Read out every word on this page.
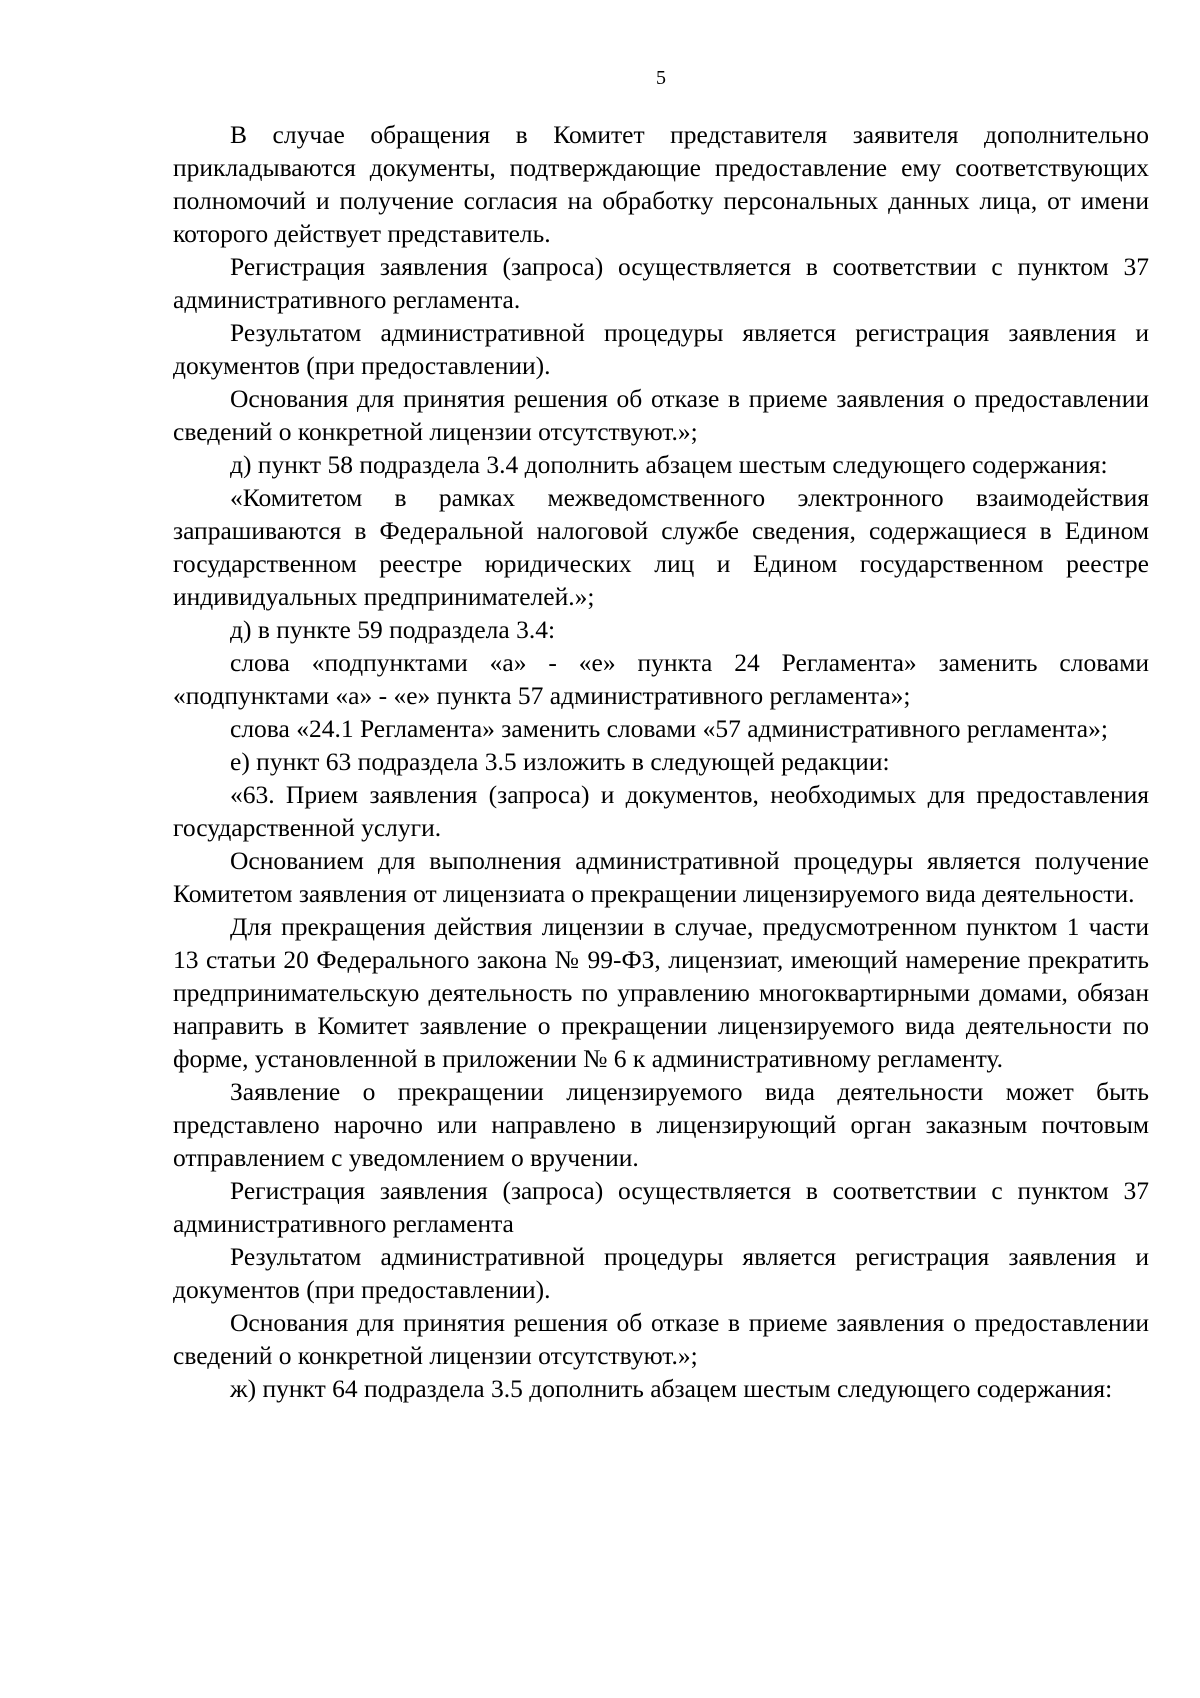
5

В случае обращения в Комитет представителя заявителя дополнительно прикладываются документы, подтверждающие предоставление ему соответствующих полномочий и получение согласия на обработку персональных данных лица, от имени которого действует представитель.

Регистрация заявления (запроса) осуществляется в соответствии с пунктом 37 административного регламента.

Результатом административной процедуры является регистрация заявления и документов (при предоставлении).

Основания для принятия решения об отказе в приеме заявления о предоставлении сведений о конкретной лицензии отсутствуют.»;

д) пункт 58 подраздела 3.4 дополнить абзацем шестым следующего содержания:

«Комитетом в рамках межведомственного электронного взаимодействия запрашиваются в Федеральной налоговой службе сведения, содержащиеся в Едином государственном реестре юридических лиц и Едином государственном реестре индивидуальных предпринимателей.»;

д) в пункте 59 подраздела 3.4:

слова «подпунктами «а» - «е» пункта 24 Регламента» заменить словами «подпунктами «а» - «е» пункта 57 административного регламента»;

слова «24.1 Регламента» заменить словами «57 административного регламента»;

е) пункт 63 подраздела 3.5 изложить в следующей редакции:

«63. Прием заявления (запроса) и документов, необходимых для предоставления государственной услуги.

Основанием для выполнения административной процедуры является получение Комитетом заявления от лицензиата о прекращении лицензируемого вида деятельности.

Для прекращения действия лицензии в случае, предусмотренном пунктом 1 части 13 статьи 20 Федерального закона № 99-ФЗ, лицензиат, имеющий намерение прекратить предпринимательскую деятельность по управлению многоквартирными домами, обязан направить в Комитет заявление о прекращении лицензируемого вида деятельности по форме, установленной в приложении № 6 к административному регламенту.

Заявление о прекращении лицензируемого вида деятельности может быть представлено нарочно или направлено в лицензирующий орган заказным почтовым отправлением с уведомлением о вручении.

Регистрация заявления (запроса) осуществляется в соответствии с пунктом 37 административного регламента

Результатом административной процедуры является регистрация заявления и документов (при предоставлении).

Основания для принятия решения об отказе в приеме заявления о предоставлении сведений о конкретной лицензии отсутствуют.»;

ж) пункт 64 подраздела 3.5 дополнить абзацем шестым следующего содержания:
